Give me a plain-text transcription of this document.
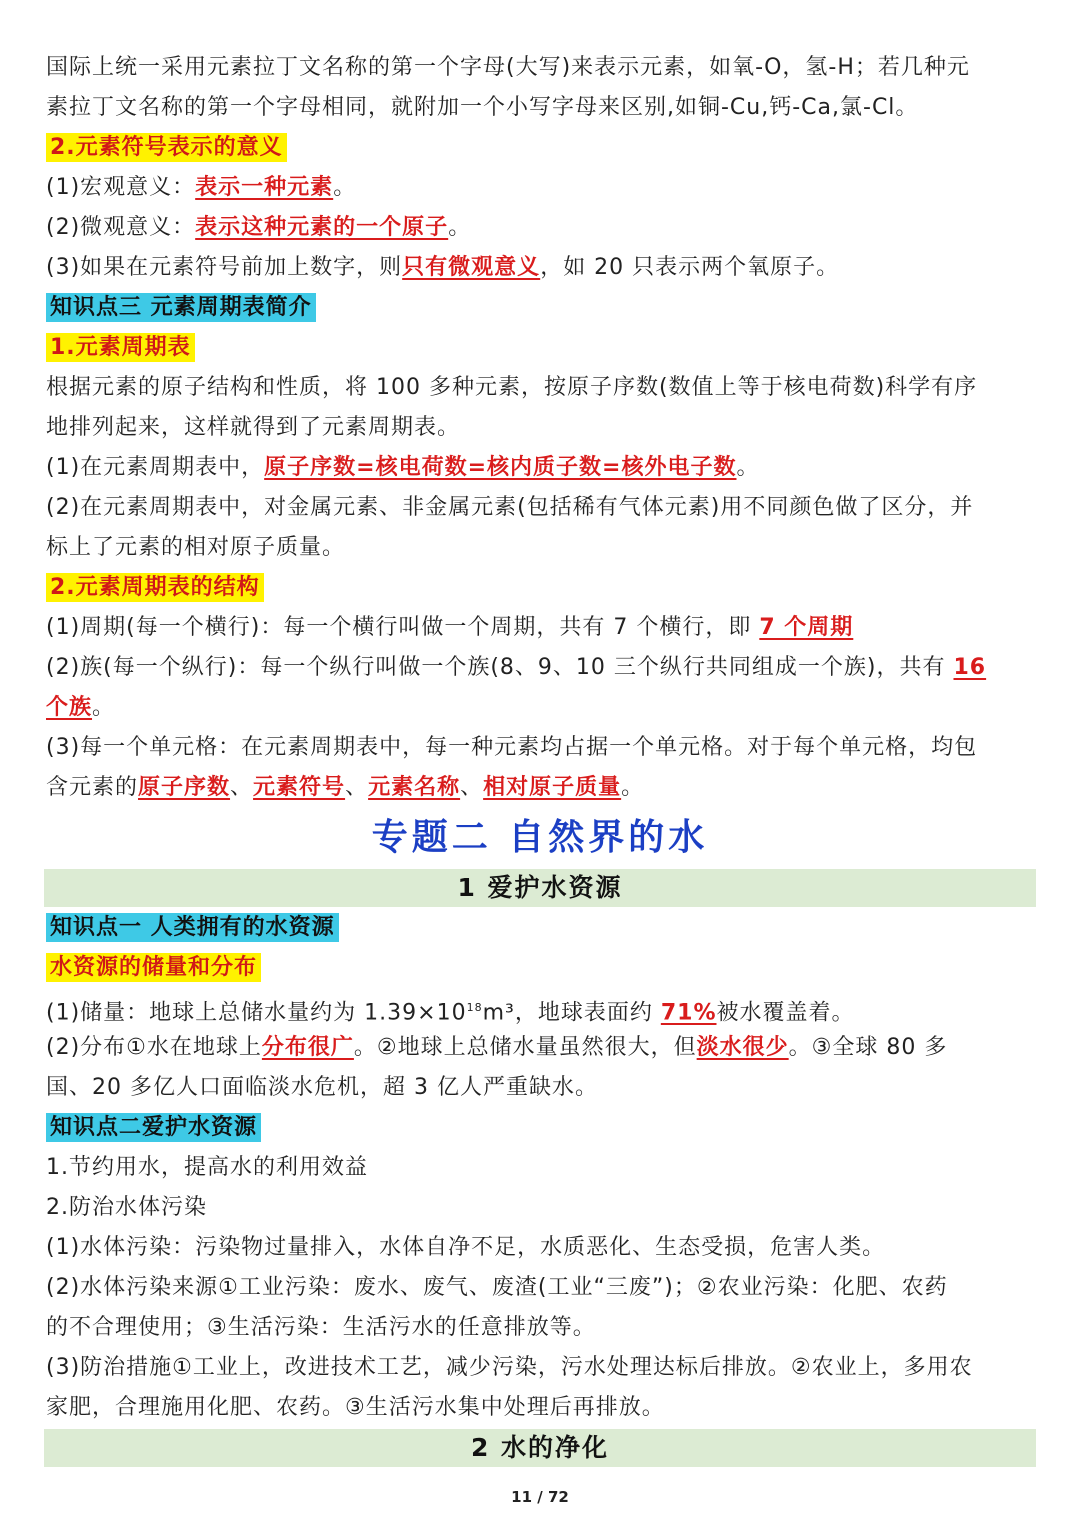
国际上统一采用元素拉丁文名称的第一个字母(大写)来表示元素，如氧-O，氢-H；若几种元
素拉丁文名称的第一个字母相同，就附加一个小写字母来区别,如铜-Cu,钙-Ca,氯-Cl。
2.元素符号表示的意义
(1)宏观意义：表示一种元素。
(2)微观意义：表示这种元素的一个原子。
(3)如果在元素符号前加上数字，则只有微观意义，如 20 只表示两个氧原子。
知识点三 元素周期表简介
1.元素周期表
根据元素的原子结构和性质，将 100 多种元素，按原子序数(数值上等于核电荷数)科学有序
地排列起来，这样就得到了元素周期表。
(1)在元素周期表中，原子序数=核电荷数=核内质子数=核外电子数。
(2)在元素周期表中，对金属元素、非金属元素(包括稀有气体元素)用不同颜色做了区分，并
标上了元素的相对原子质量。
2.元素周期表的结构
(1)周期(每一个横行)：每一个横行叫做一个周期，共有 7 个横行，即 7 个周期
(2)族(每一个纵行)：每一个纵行叫做一个族(8、9、10 三个纵行共同组成一个族)，共有 16
个族。
(3)每一个单元格：在元素周期表中，每一种元素均占据一个单元格。对于每个单元格，均包
含元素的原子序数、元素符号、元素名称、相对原子质量。
专题二 自然界的水
1 爱护水资源
知识点一 人类拥有的水资源
水资源的储量和分布
(1)储量：地球上总储水量约为 $1.39\times 10^{18}m^3$，地球表面约 71%被水覆盖着。
(2)分布①水在地球上分布很广。②地球上总储水量虽然很大，但淡水很少。③全球 80 多
国、20 多亿人口面临淡水危机，超 3 亿人严重缺水。
知识点二爱护水资源
1.节约用水，提高水的利用效益
2.防治水体污染
(1)水体污染：污染物过量排入，水体自净不足，水质恶化、生态受损，危害人类。
(2)水体污染来源①工业污染：废水、废气、废渣(工业“三废”)；②农业污染：化肥、农药
的不合理使用；③生活污染：生活污水的任意排放等。
(3)防治措施①工业上，改进技术工艺，减少污染，污水处理达标后排放。②农业上，多用农
家肥，合理施用化肥、农药。③生活污水集中处理后再排放。
2 水的净化
11 / 72
